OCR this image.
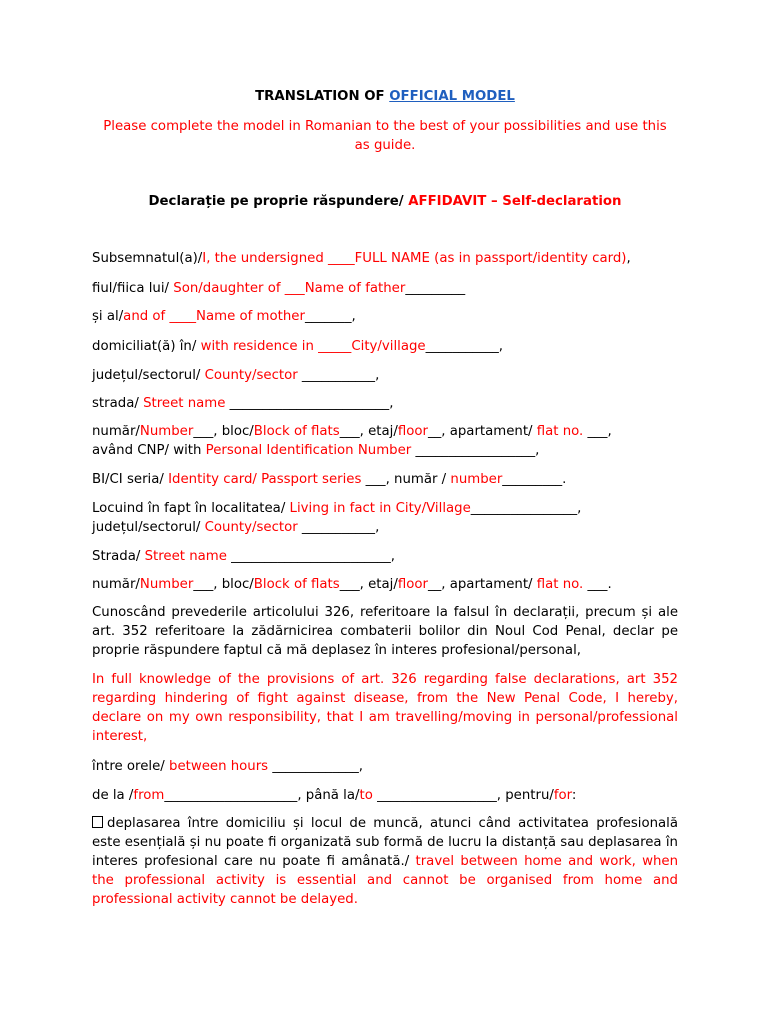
TRANSLATION OF OFFICIAL MODEL
Please complete the model in Romanian to the best of your possibilities and use this
as guide.
Declarație pe proprie răspundere/ AFFIDAVIT – Self-declaration
Subsemnatul(a)/I, the undersigned ____FULL NAME (as in passport/identity card),
fiul/fiica lui/ Son/daughter of ___Name of father_________
și al/and of ____Name of mother_______,
domiciliat(ă) în/ with residence in _____City/village___________,
județul/sectorul/ County/sector ___________,
strada/ Street name ________________________,
număr/Number___, bloc/Block of flats___, etaj/floor__, apartament/ flat no. ___,
având CNP/ with Personal Identification Number __________________,
BI/CI seria/ Identity card/ Passport series ___, număr / number_________.
Locuind în fapt în localitatea/ Living in fact in City/Village________________,
județul/sectorul/ County/sector ___________,
Strada/ Street name ________________________,
număr/Number___, bloc/Block of flats___, etaj/floor__, apartament/ flat no. ___.
Cunoscând prevederile articolului 326, referitoare la falsul în declarații, precum și ale art. 352 referitoare la zădărnicirea combaterii bolilor din Noul Cod Penal, declar pe proprie răspundere faptul că mă deplasez în interes profesional/personal,
In full knowledge of the provisions of art. 326 regarding false declarations, art 352 regarding hindering of fight against disease, from the New Penal Code, I hereby, declare on my own responsibility, that I am travelling/moving in personal/professional interest,
între orele/ between hours _____________,
de la /from____________________, până la/to __________________, pentru/for:
deplasarea între domiciliu și locul de muncă, atunci când activitatea profesională este esențială și nu poate fi organizată sub formă de lucru la distanță sau deplasarea în interes profesional care nu poate fi amânată./ travel between home and work, when the professional activity is essential and cannot be organised from home and professional activity cannot be delayed.
